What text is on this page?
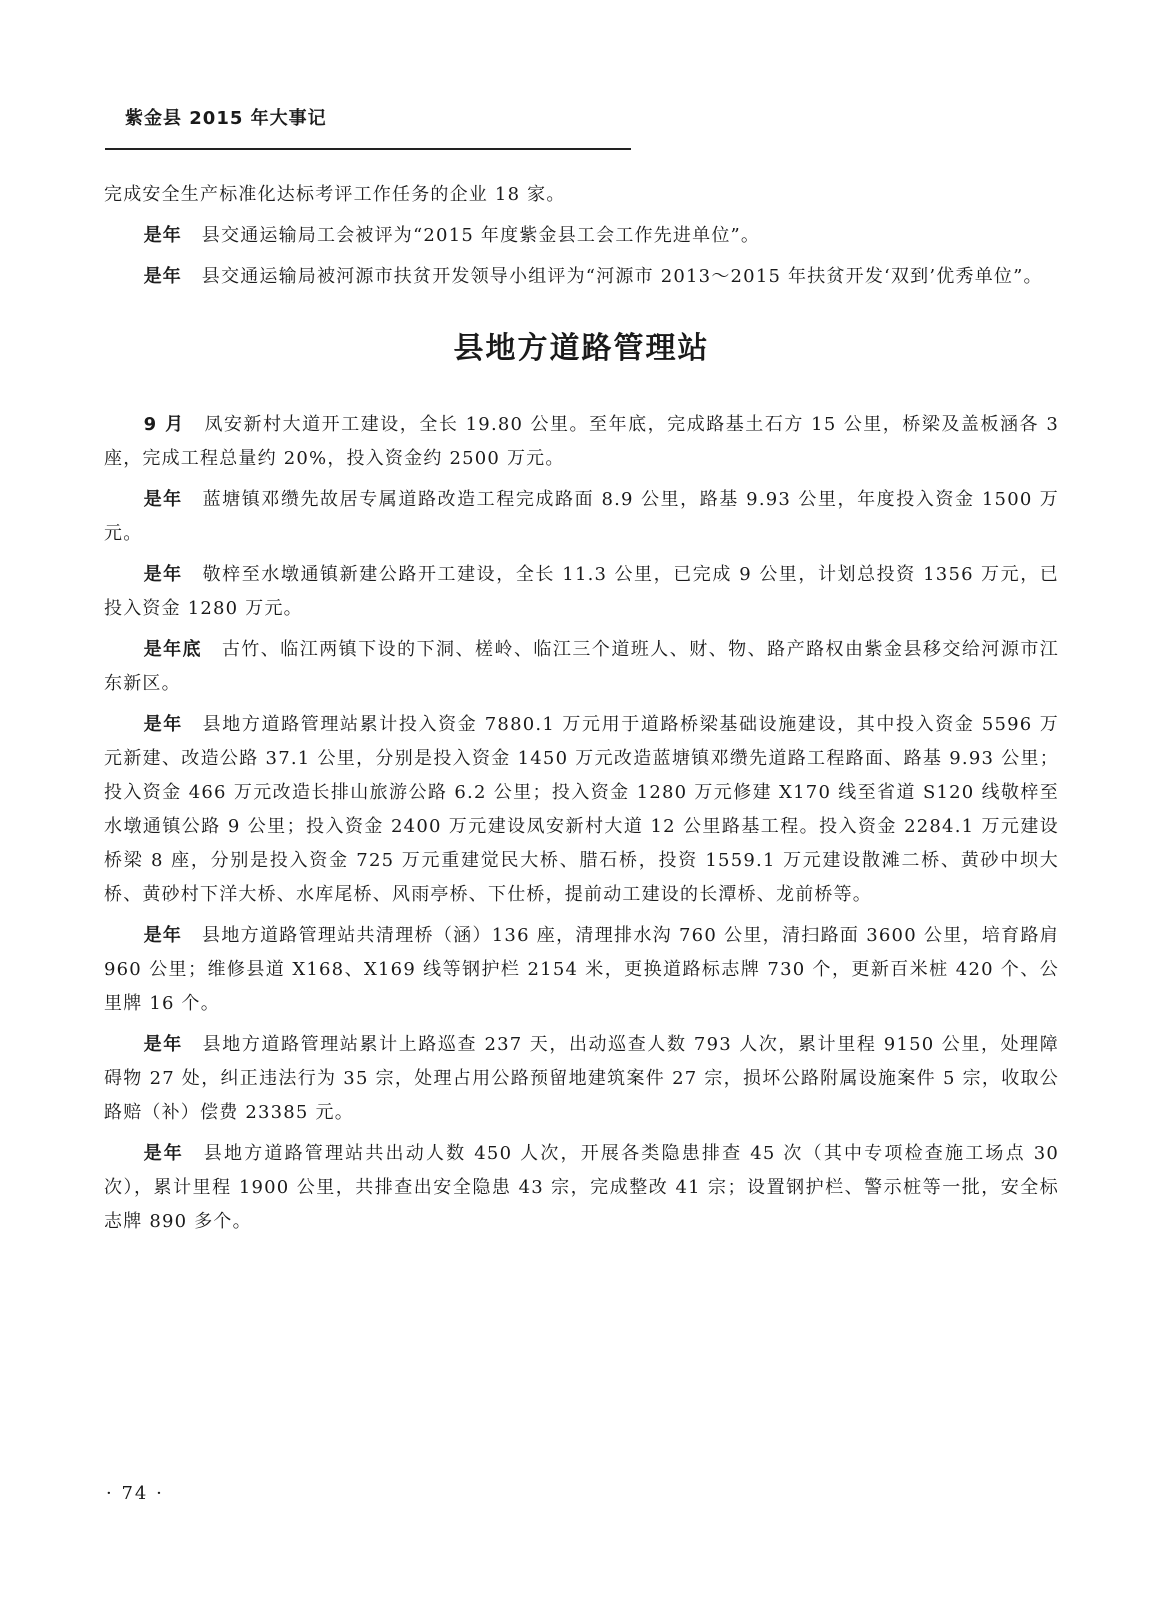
紫金县 2015 年大事记

完成安全生产标准化达标考评工作任务的企业 18 家。

是年 县交通运输局工会被评为“2015 年度紫金县工会工作先进单位”。

是年 县交通运输局被河源市扶贫开发领导小组评为“河源市 2013～2015 年扶贫开发‘双到’优秀单位”。

县地方道路管理站

9 月 凤安新村大道开工建设，全长 19.80 公里。至年底，完成路基土石方 15 公里，桥梁及盖板涵各 3 座，完成工程总量约 20%，投入资金约 2500 万元。

是年 蓝塘镇邓缵先故居专属道路改造工程完成路面 8.9 公里，路基 9.93 公里，年度投入资金 1500 万元。

是年 敬梓至水墩通镇新建公路开工建设，全长 11.3 公里，已完成 9 公里，计划总投资 1356 万元，已投入资金 1280 万元。

是年底 古竹、临江两镇下设的下洞、槎岭、临江三个道班人、财、物、路产路权由紫金县移交给河源市江东新区。

是年 县地方道路管理站累计投入资金 7880.1 万元用于道路桥梁基础设施建设，其中投入资金 5596 万元新建、改造公路 37.1 公里，分别是投入资金 1450 万元改造蓝塘镇邓缵先道路工程路面、路基 9.93 公里；投入资金 466 万元改造长排山旅游公路 6.2 公里；投入资金 1280 万元修建 X170 线至省道 S120 线敬梓至水墩通镇公路 9 公里；投入资金 2400 万元建设凤安新村大道 12 公里路基工程。投入资金 2284.1 万元建设桥梁 8 座，分别是投入资金 725 万元重建觉民大桥、腊石桥，投资 1559.1 万元建设散滩二桥、黄砂中坝大桥、黄砂村下洋大桥、水库尾桥、风雨亭桥、下仕桥，提前动工建设的长潭桥、龙前桥等。

是年 县地方道路管理站共清理桥（涵）136 座，清理排水沟 760 公里，清扫路面 3600 公里，培育路肩 960 公里；维修县道 X168、X169 线等钢护栏 2154 米，更换道路标志牌 730 个，更新百米桩 420 个、公里牌 16 个。

是年 县地方道路管理站累计上路巡查 237 天，出动巡查人数 793 人次，累计里程 9150 公里，处理障碍物 27 处，纠正违法行为 35 宗，处理占用公路预留地建筑案件 27 宗，损坏公路附属设施案件 5 宗，收取公路赔（补）偿费 23385 元。

是年 县地方道路管理站共出动人数 450 人次，开展各类隐患排查 45 次（其中专项检查施工场点 30 次），累计里程 1900 公里，共排查出安全隐患 43 宗，完成整改 41 宗；设置钢护栏、警示桩等一批，安全标志牌 890 多个。

· 74 ·
